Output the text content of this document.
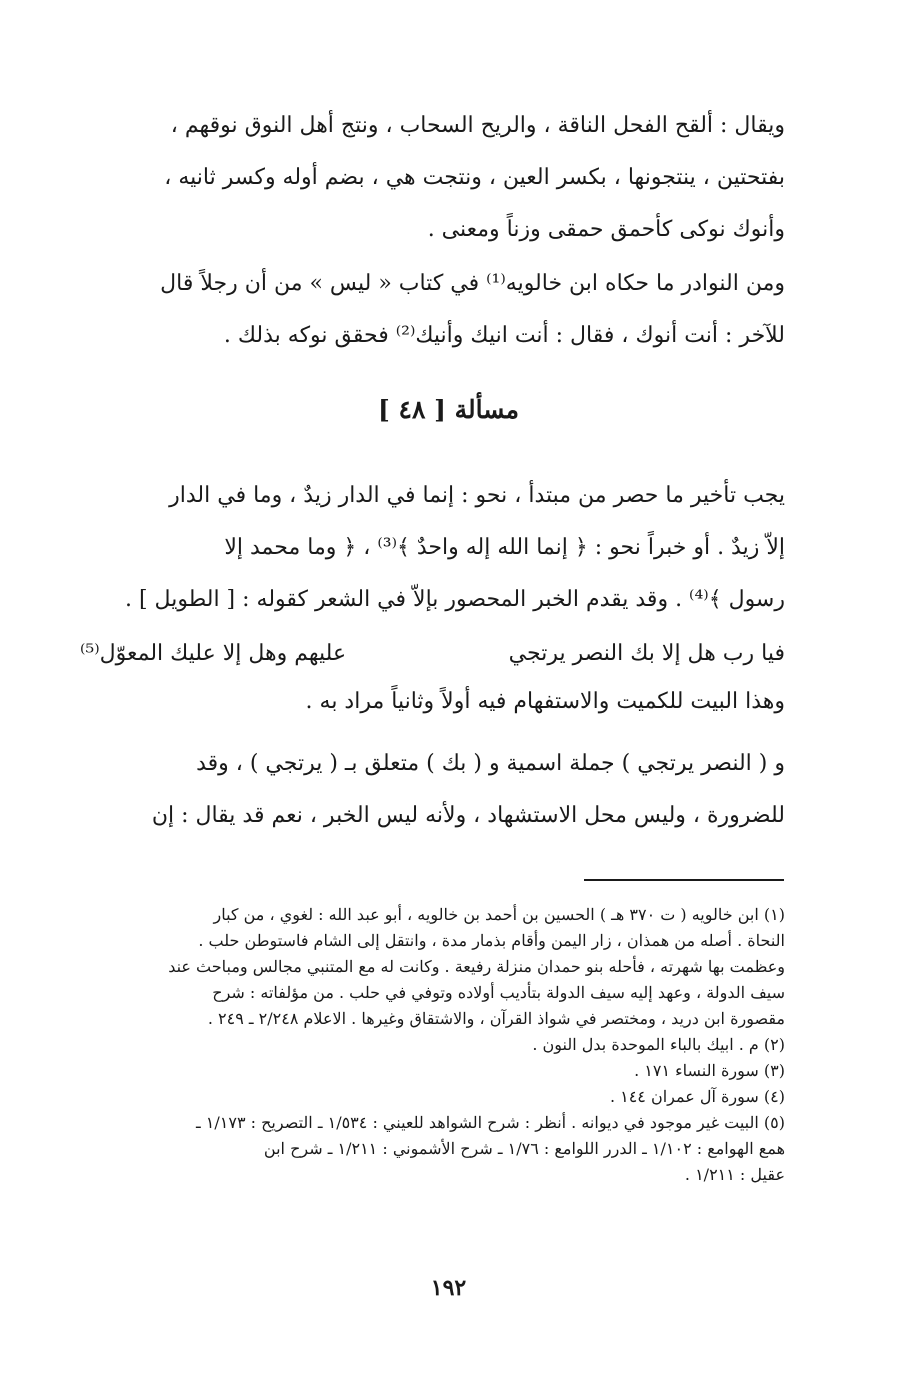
ويقال : ألقح الفحل الناقة ، والريح السحاب ، ونتج أهل النوق نوقهم ،
بفتحتين ، ينتجونها ، بكسر العين ، ونتجت هي ، بضم أوله وكسر ثانيه ،
وأنوك نوكى كأحمق حمقى وزناً ومعنى .
ومن النوادر ما حكاه ابن خالويه⁽¹⁾ في كتاب « ليس » من أن رجلاً قال
للآخر : أنت أنوك ، فقال : أنت انيك وأنيك⁽²⁾ فحقق نوكه بذلك .
مسألة [ ٤٨ ]
يجب تأخير ما حصر من مبتدأ ، نحو : إنما في الدار زيدٌ ، وما في الدار
إلاّ زيدٌ . أو خبراً نحو : ﴿ إنما الله إله واحدٌ ﴾⁽³⁾ ، ﴿ وما محمد إلا
رسول ﴾⁽⁴⁾ . وقد يقدم الخبر المحصور بإلاّ في الشعر كقوله : [ الطويل ] .
فيا رب هل إلا بك النصر يرتجي
عليهم وهل إلا عليك المعوّل⁽⁵⁾
وهذا البيت للكميت والاستفهام فيه أولاً وثانياً مراد به .
و ( النصر يرتجي ) جملة اسمية و ( بك ) متعلق بـ ( يرتجي ) ، وقد
للضرورة ، وليس محل الاستشهاد ، ولأنه ليس الخبر ، نعم قد يقال : إن
(١) ابن خالويه ( ت ٣٧٠ هـ ) الحسين بن أحمد بن خالويه ، أبو عبد الله : لغوي ، من كبار
النحاة . أصله من همذان ، زار اليمن وأقام بذمار مدة ، وانتقل إلى الشام فاستوطن حلب .
وعظمت بها شهرته ، فأحله بنو حمدان منزلة رفيعة . وكانت له مع المتنبي مجالس ومباحث عند
سيف الدولة ، وعهد إليه سيف الدولة بتأديب أولاده وتوفي في حلب . من مؤلفاته : شرح
مقصورة ابن دريد ، ومختصر في شواذ القرآن ، والاشتقاق وغيرها . الاعلام ٢/٢٤٨ ـ ٢٤٩ .
(٢) م . ابيك بالباء الموحدة بدل النون .
(٣) سورة النساء ١٧١ .
(٤) سورة آل عمران ١٤٤ .
(٥) البيت غير موجود في ديوانه . أنظر : شرح الشواهد للعيني : ١/٥٣٤ ـ التصريح : ١/١٧٣ ـ
همع الهوامع : ١/١٠٢ ـ الدرر اللوامع : ١/٧٦ ـ شرح الأشموني : ١/٢١١ ـ شرح ابن
عقيل : ١/٢١١ .
١٩٢
